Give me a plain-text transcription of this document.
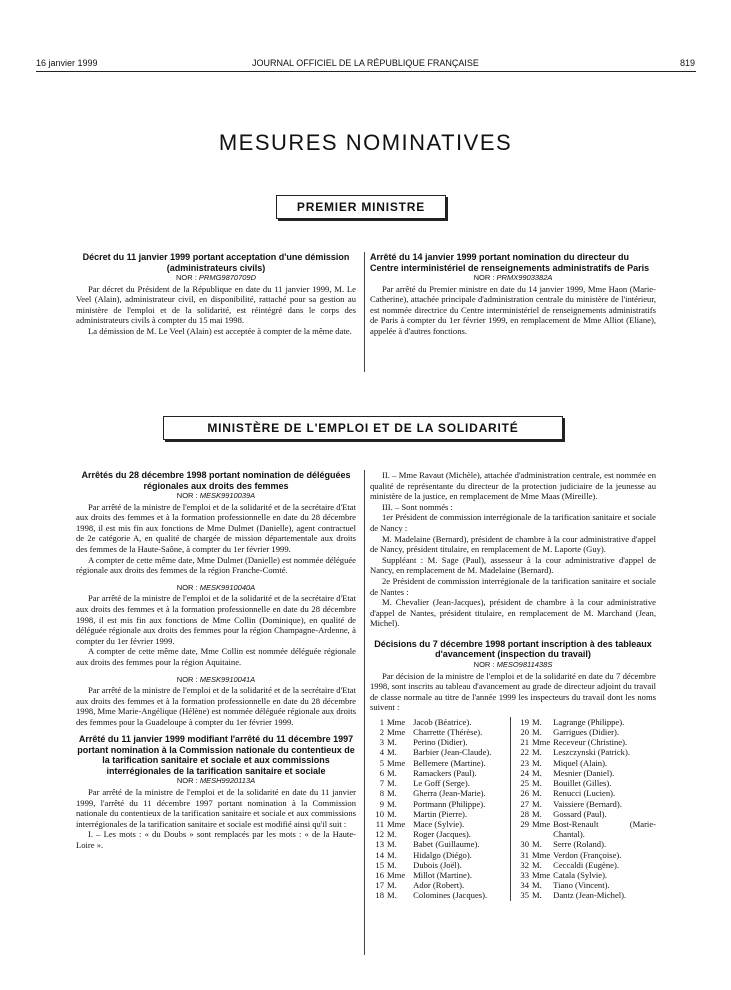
16 janvier 1999	JOURNAL OFFICIEL DE LA RÉPUBLIQUE FRANÇAISE	819
MESURES NOMINATIVES
PREMIER MINISTRE

Décret du 11 janvier 1999 portant acceptation d'une démission (administrateurs civils)

NOR : PRMG9870709D

Par décret du Président de la République en date du 11 janvier 1999, M. Le Veel (Alain), administrateur civil, en disponibilité, rattaché pour sa gestion au ministère de l'emploi et de la solidarité, est réintégré dans le corps des administrateurs civils à compter du 15 mai 1998.

La démission de M. Le Veel (Alain) est acceptée à compter de la même date.

Arrêté du 14 janvier 1999 portant nomination du directeur du Centre interministériel de renseignements administratifs de Paris

NOR : PRMX9903382A

Par arrêté du Premier ministre en date du 14 janvier 1999, Mme Haon (Marie-Catherine), attachée principale d'administration centrale du ministère de l'intérieur, est nommée directrice du Centre interministériel de renseignements administratifs de Paris à compter du 1er février 1999, en remplacement de Mme Alliot (Eliane), appelée à d'autres fonctions.

MINISTÈRE DE L'EMPLOI ET DE LA SOLIDARITÉ

Arrêtés du 28 décembre 1998 portant nomination de déléguées régionales aux droits des femmes

NOR : MESK9910039A

Par arrêté de la ministre de l'emploi et de la solidarité et de la secrétaire d'Etat aux droits des femmes et à la formation professionnelle en date du 28 décembre 1998, il est mis fin aux fonctions de Mme Dulmet (Danielle), agent contractuel de 2e catégorie A, en qualité de chargée de mission départementale aux droits des femmes de la Haute-Saône, à compter du 1er février 1999.

A compter de cette même date, Mme Dulmet (Danielle) est nommée déléguée régionale aux droits des femmes de la région Franche-Comté.

NOR : MESK9910040A

Par arrêté de la ministre de l'emploi et de la solidarité et de la secrétaire d'Etat aux droits des femmes et à la formation professionnelle en date du 28 décembre 1998, il est mis fin aux fonctions de Mme Collin (Dominique), en qualité de déléguée régionale aux droits des femmes pour la région Champagne-Ardenne, à compter du 1er février 1999.

A compter de cette même date, Mme Collin est nommée déléguée régionale aux droits des femmes pour la région Aquitaine.

NOR : MESK9910041A

Par arrêté de la ministre de l'emploi et de la solidarité et de la secrétaire d'Etat aux droits des femmes et à la formation professionnelle en date du 28 décembre 1998, Mme Marie-Angélique (Hélène) est nommée déléguée régionale aux droits des femmes pour la Guadeloupe à compter du 1er février 1999.

Arrêté du 11 janvier 1999 modifiant l'arrêté du 11 décembre 1997 portant nomination à la Commission nationale du contentieux de la tarification sanitaire et sociale et aux commissions interrégionales de la tarification sanitaire et sociale

NOR : MESH9920113A

Par arrêté de la ministre de l'emploi et de la solidarité en date du 11 janvier 1999, l'arrêté du 11 décembre 1997 portant nomination à la Commission nationale du contentieux de la tarification sanitaire et sociale et aux commissions interrégionales de la tarification sanitaire et sociale est modifié ainsi qu'il suit :

I. – Les mots : « du Doubs » sont remplacés par les mots : « de la Haute-Loire ».

II. – Mme Ravaut (Michèle), attachée d'administration centrale, est nommée en qualité de représentante du directeur de la protection judiciaire de la jeunesse au ministère de la justice, en remplacement de Mme Maas (Mireille).

III. – Sont nommés :

1er Président de commission interrégionale de la tarification sanitaire et sociale de Nancy :

M. Madelaine (Bernard), président de chambre à la cour administrative d'appel de Nancy, président titulaire, en remplacement de M. Laporte (Guy).

Suppléant : M. Sage (Paul), assesseur à la cour administrative d'appel de Nancy, en remplacement de M. Madelaine (Bernard).

2e Président de commission interrégionale de la tarification sanitaire et sociale de Nantes :

M. Chevalier (Jean-Jacques), président de chambre à la cour administrative d'appel de Nantes, président titulaire, en remplacement de M. Marchand (Jean, Michel).

Décisions du 7 décembre 1998 portant inscription à des tableaux d'avancement (inspection du travail)

NOR : MESO9811438S

Par décision de la ministre de l'emploi et de la solidarité en date du 7 décembre 1998, sont inscrits au tableau d'avancement au grade de directeur adjoint du travail de classe normale au titre de l'année 1999 les inspecteurs du travail dont les noms suivent :

1	Mme	Jacob (Béatrice).
2	Mme	Charrette (Thérèse).
3	M.	Perino (Didier).
4	M.	Barbier (Jean-Claude).
5	Mme	Bellemere (Martine).
6	M.	Ramackers (Paul).
7	M.	Le Goff (Serge).
8	M.	Gherra (Jean-Marie).
9	M.	Portmann (Philippe).
10	M.	Martin (Pierre).
11	Mme	Mace (Sylvie).
12	M.	Roger (Jacques).
13	M.	Babet (Guillaume).
14	M.	Hidalgo (Diégo).
15	M.	Dubois (Joël).
16	Mme	Millot (Martine).
17	M.	Ador (Robert).
18	M.	Colomines (Jacques).
19	M.	Lagrange (Philippe).
20	M.	Garrigues (Didier).
21	Mme	Receveur (Christine).
22	M.	Leszczynski (Patrick).
23	M.	Miquel (Alain).
24	M.	Mesnier (Daniel).
25	M.	Bouillet (Gilles).
26	M.	Renucci (Lucien).
27	M.	Vaissiere (Bernard).
28	M.	Gossard (Paul).
29	Mme	Bost-Renault (Marie-Chantal).
30	M.	Serre (Roland).
31	Mme	Verdon (Françoise).
32	M.	Ceccaldi (Eugène).
33	Mme	Catala (Sylvie).
34	M.	Tiano (Vincent).
35	M.	Dantz (Jean-Michel).
